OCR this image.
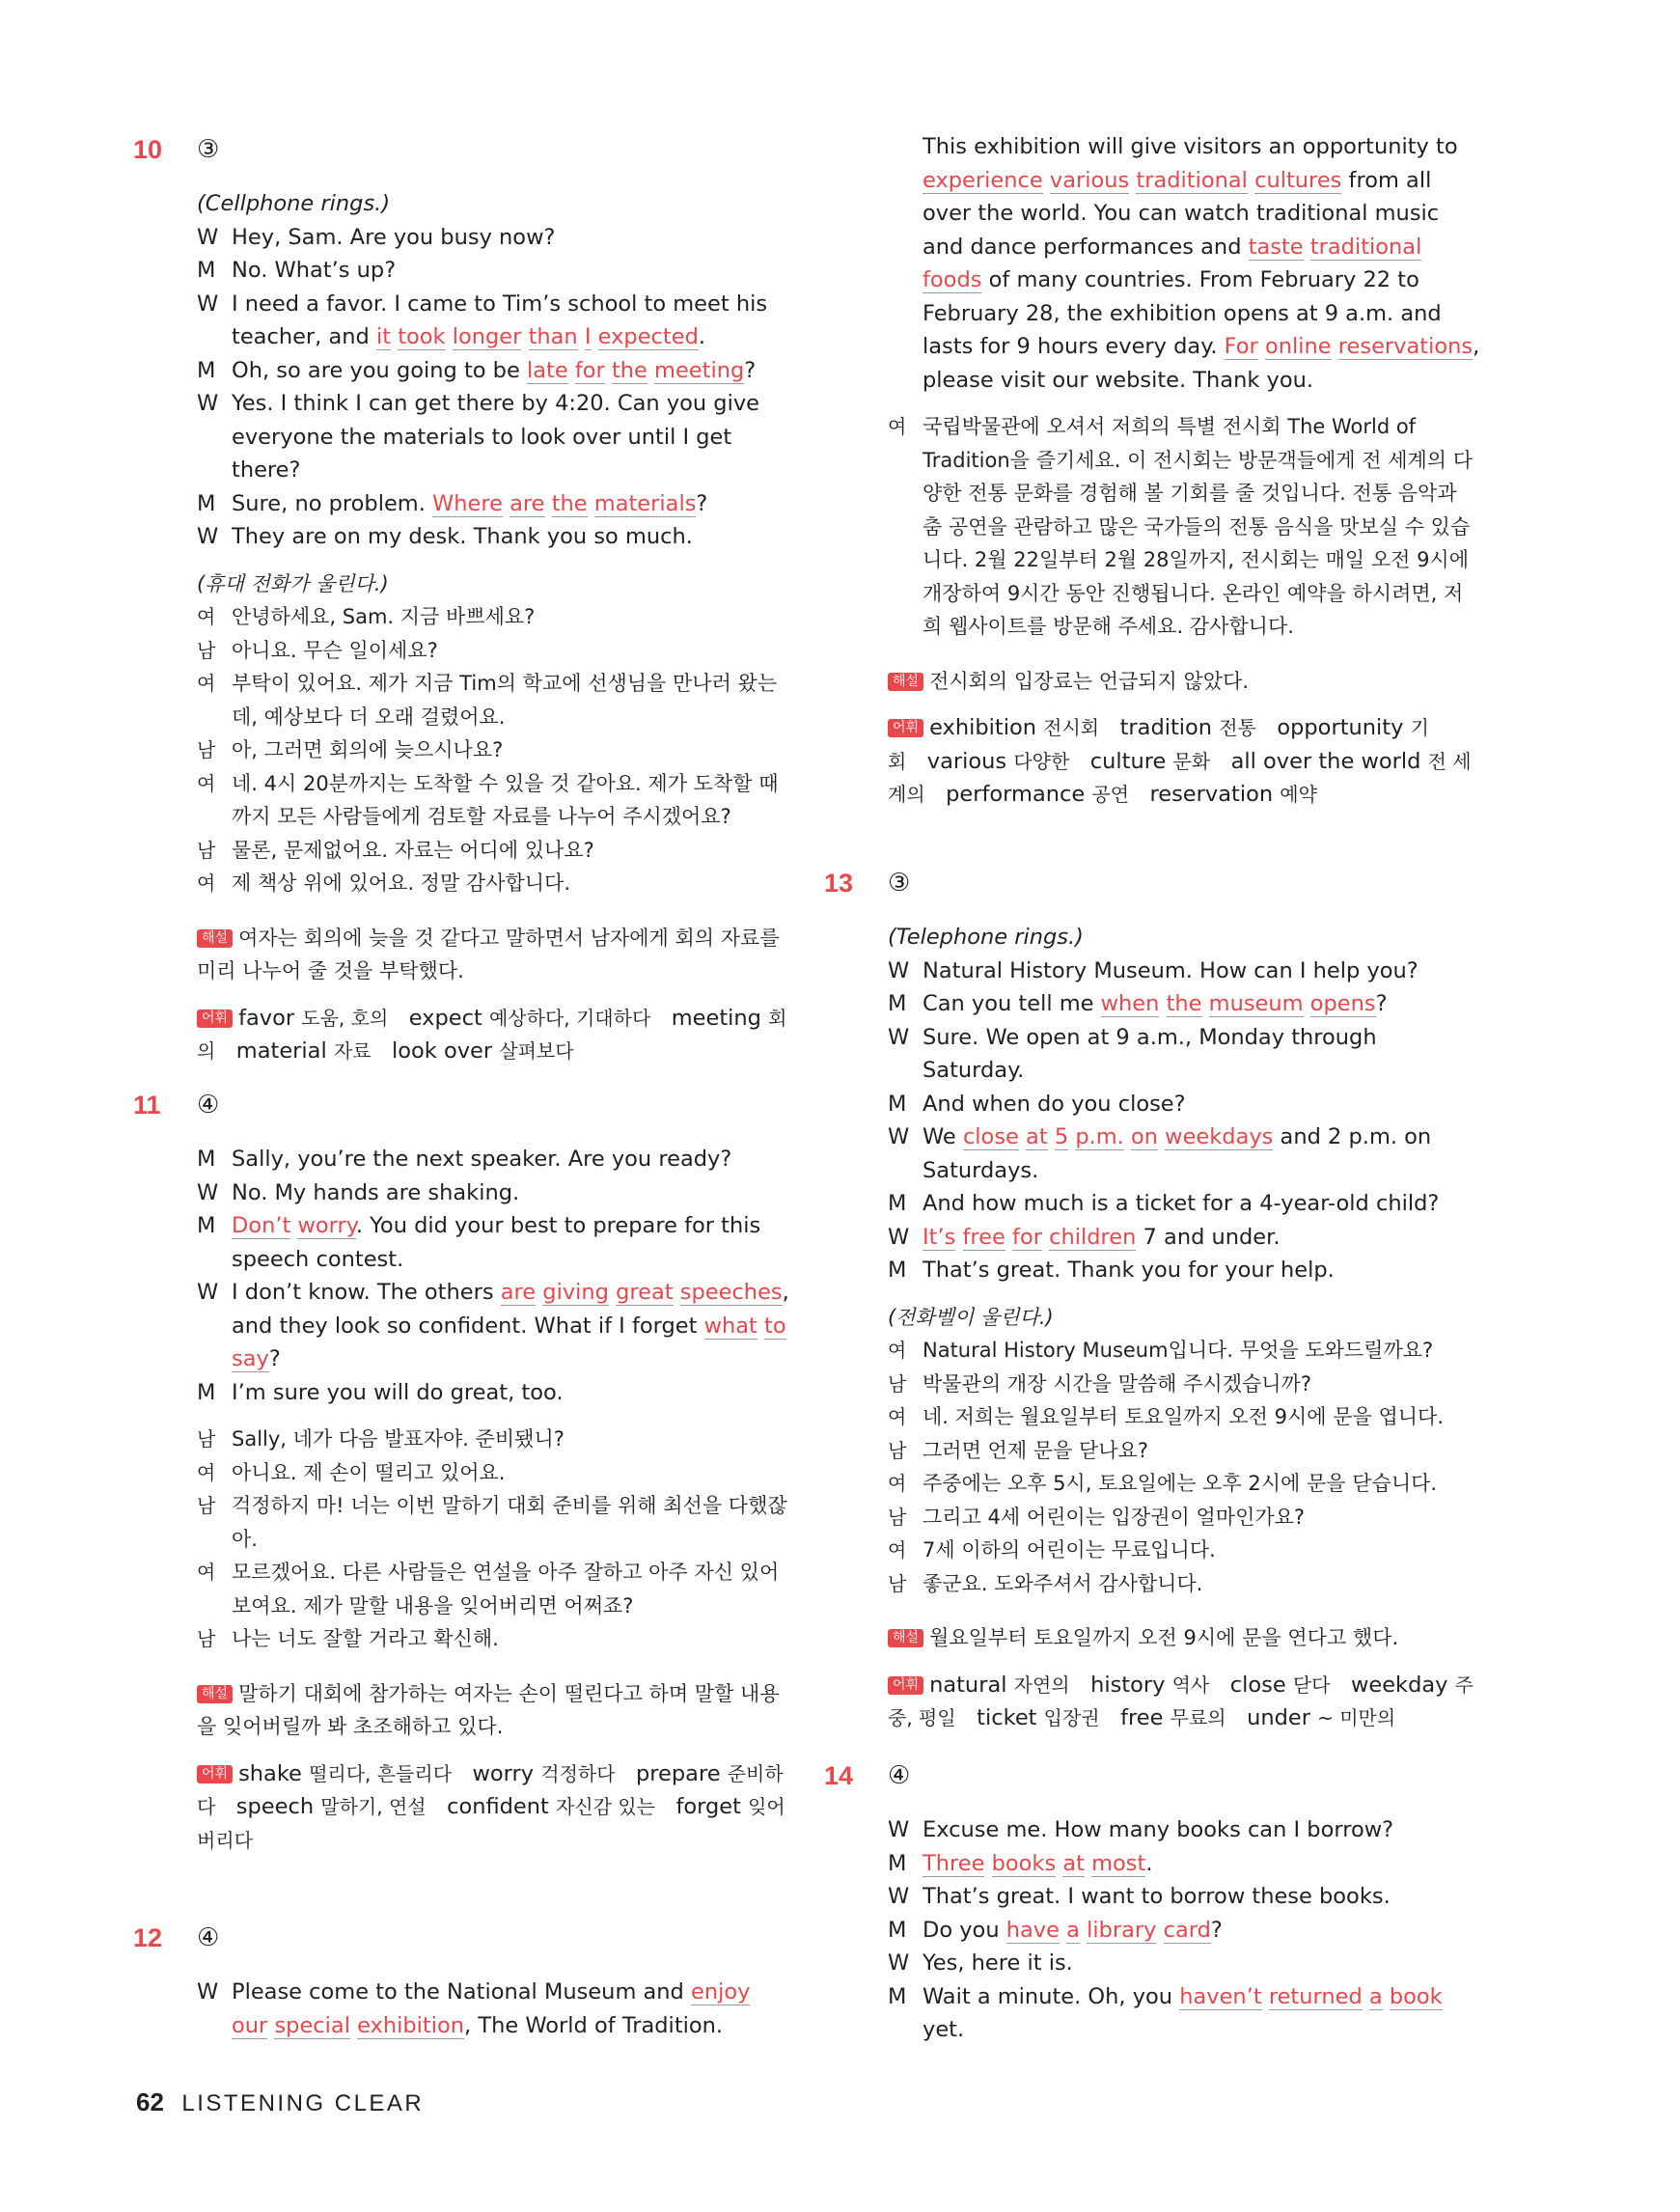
10 ③
(Cellphone rings.)
W Hey, Sam. Are you busy now?
M No. What’s up?
W I need a favor. I came to Tim’s school to meet his teacher, and it took longer than I expected.
M Oh, so are you going to be late for the meeting?
W Yes. I think I can get there by 4:20. Can you give everyone the materials to look over until I get there?
M Sure, no problem. Where are the materials?
W They are on my desk. Thank you so much.
(휴대 전화가 울린다.)
여 안녕하세요, Sam. 지금 바쁘세요?
남 아니요. 무슨 일이세요?
여 부탁이 있어요. 제가 지금 Tim의 학교에 선생님을 만나러 왔는데, 예상보다 더 오래 걸렸어요.
남 아, 그러면 회의에 늦으시나요?
여 네. 4시 20분까지는 도착할 수 있을 것 같아요. 제가 도착할 때까지 모든 사람들에게 검토할 자료를 나누어 주시겠어요?
남 물론, 문제없어요. 자료는 어디에 있나요?
여 제 책상 위에 있어요. 정말 감사합니다.
해설 여자는 회의에 늦을 것 같다고 말하면서 남자에게 회의 자료를 미리 나누어 줄 것을 부탁했다.
어휘 favor 도움, 호의 expect 예상하다, 기대하다 meeting 회의 material 자료 look over 살펴보다
11 ④
M Sally, you’re the next speaker. Are you ready?
W No. My hands are shaking.
M Don’t worry. You did your best to prepare for this speech contest.
W I don’t know. The others are giving great speeches, and they look so confident. What if I forget what to say?
M I’m sure you will do great, too.
남 Sally, 네가 다음 발표자야. 준비됐니?
여 아니요. 제 손이 떨리고 있어요.
남 걱정하지 마! 너는 이번 말하기 대회 준비를 위해 최선을 다했잖아.
여 모르겠어요. 다른 사람들은 연설을 아주 잘하고 아주 자신 있어 보여요. 제가 말할 내용을 잊어버리면 어쩌죠?
남 나는 너도 잘할 거라고 확신해.
해설 말하기 대회에 참가하는 여자는 손이 떨린다고 하며 말할 내용을 잊어버릴까 봐 초조해하고 있다.
어휘 shake 떨리다, 흔들리다 worry 걱정하다 prepare 준비하다 speech 말하기, 연설 confident 자신감 있는 forget 잊어버리다
12 ④
W Please come to the National Museum and enjoy our special exhibition, The World of Tradition.
This exhibition will give visitors an opportunity to experience various traditional cultures from all over the world. You can watch traditional music and dance performances and taste traditional foods of many countries. From February 22 to February 28, the exhibition opens at 9 a.m. and lasts for 9 hours every day. For online reservations, please visit our website. Thank you.
여 국립박물관에 오셔서 저희의 특별 전시회 The World of Tradition을 즐기세요. 이 전시회는 방문객들에게 전 세계의 다양한 전통 문화를 경험해 볼 기회를 줄 것입니다. 전통 음악과 춤 공연을 관람하고 많은 국가들의 전통 음식을 맛보실 수 있습니다. 2월 22일부터 2월 28일까지, 전시회는 매일 오전 9시에 개장하여 9시간 동안 진행됩니다. 온라인 예약을 하시려면, 저희 웹사이트를 방문해 주세요. 감사합니다.
해설 전시회의 입장료는 언급되지 않았다.
어휘 exhibition 전시회 tradition 전통 opportunity 기회 various 다양한 culture 문화 all over the world 전 세계의 performance 공연 reservation 예약
13 ③
(Telephone rings.)
W Natural History Museum. How can I help you?
M Can you tell me when the museum opens?
W Sure. We open at 9 a.m., Monday through Saturday.
M And when do you close?
W We close at 5 p.m. on weekdays and 2 p.m. on Saturdays.
M And how much is a ticket for a 4-year-old child?
W It’s free for children 7 and under.
M That’s great. Thank you for your help.
(전화벨이 울린다.)
여 Natural History Museum입니다. 무엇을 도와드릴까요?
남 박물관의 개장 시간을 말씀해 주시겠습니까?
여 네. 저희는 월요일부터 토요일까지 오전 9시에 문을 엽니다.
남 그러면 언제 문을 닫나요?
여 주중에는 오후 5시, 토요일에는 오후 2시에 문을 닫습니다.
남 그리고 4세 어린이는 입장권이 얼마인가요?
여 7세 이하의 어린이는 무료입니다.
남 좋군요. 도와주셔서 감사합니다.
해설 월요일부터 토요일까지 오전 9시에 문을 연다고 했다.
어휘 natural 자연의 history 역사 close 닫다 weekday 주중, 평일 ticket 입장권 free 무료의 under ~ 미만의
14 ④
W Excuse me. How many books can I borrow?
M Three books at most.
W That’s great. I want to borrow these books.
M Do you have a library card?
W Yes, here it is.
M Wait a minute. Oh, you haven’t returned a book yet.
62 LISTENING CLEAR
